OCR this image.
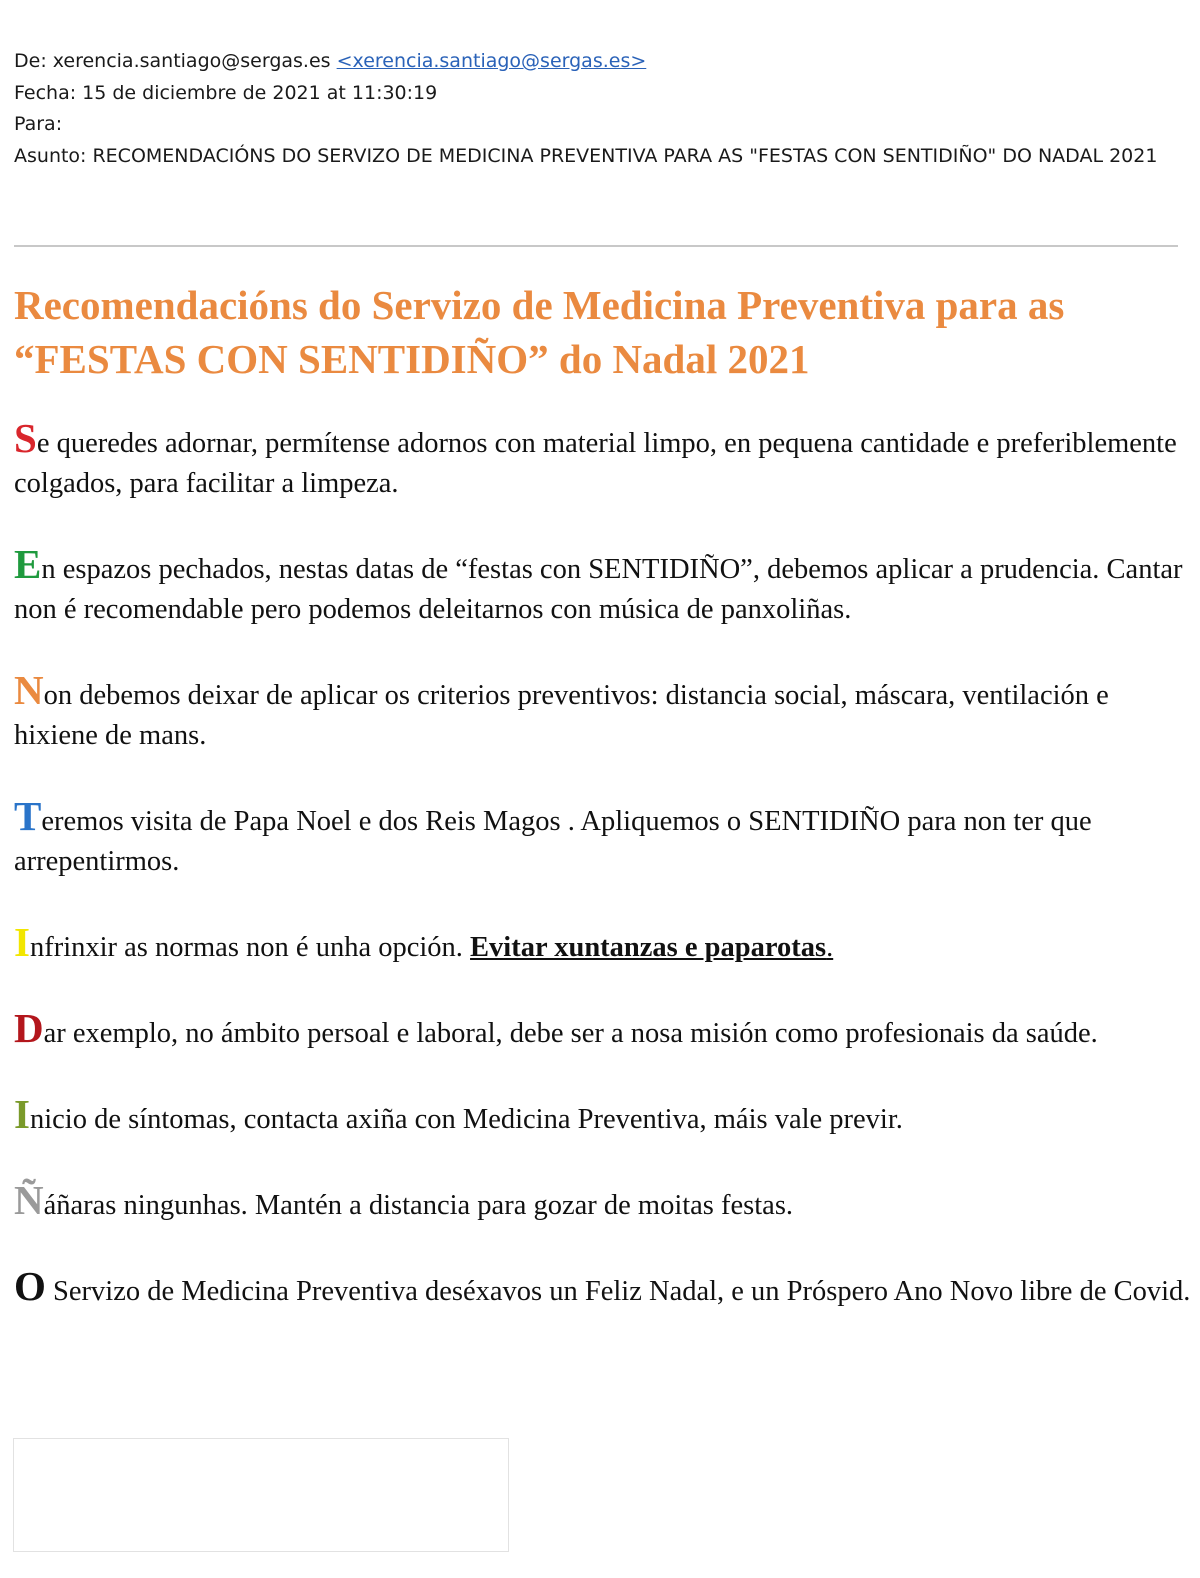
De: xerencia.santiago@sergas.es <xerencia.santiago@sergas.es>
Fecha: 15 de diciembre de 2021 at 11:30:19
Para:
Asunto: RECOMENDACIÓNS DO SERVIZO DE MEDICINA PREVENTIVA PARA AS "FESTAS CON SENTIDIÑO" DO NADAL 2021
Recomendacións do Servizo de Medicina Preventiva para as
“FESTAS CON SENTIDIÑO” do Nadal 2021

Se queredes adornar, permítense adornos con material limpo, en pequena cantidade e preferiblemente colgados, para facilitar a limpeza.

En espazos pechados, nestas datas de “festas con SENTIDIÑO”, debemos aplicar a prudencia. Cantar non é recomendable pero podemos deleitarnos con música de panxoliñas.

Non debemos deixar de aplicar os criterios preventivos: distancia social, máscara, ventilación e hixiene de mans.

Teremos visita de Papa Noel e dos Reis Magos . Apliquemos o SENTIDIÑO para non ter que arrepentirmos.

Infrinxir as normas non é unha opción. Evitar xuntanzas e paparotas.

Dar exemplo, no ámbito persoal e laboral, debe ser a nosa misión como profesionais da saúde.

Inicio de síntomas, contacta axiña con Medicina Preventiva, máis vale previr.

Ñáñaras ningunhas. Mantén a distancia para gozar de moitas festas.

O Servizo de Medicina Preventiva deséxavos un Feliz Nadal, e un Próspero Ano Novo libre de Covid.
